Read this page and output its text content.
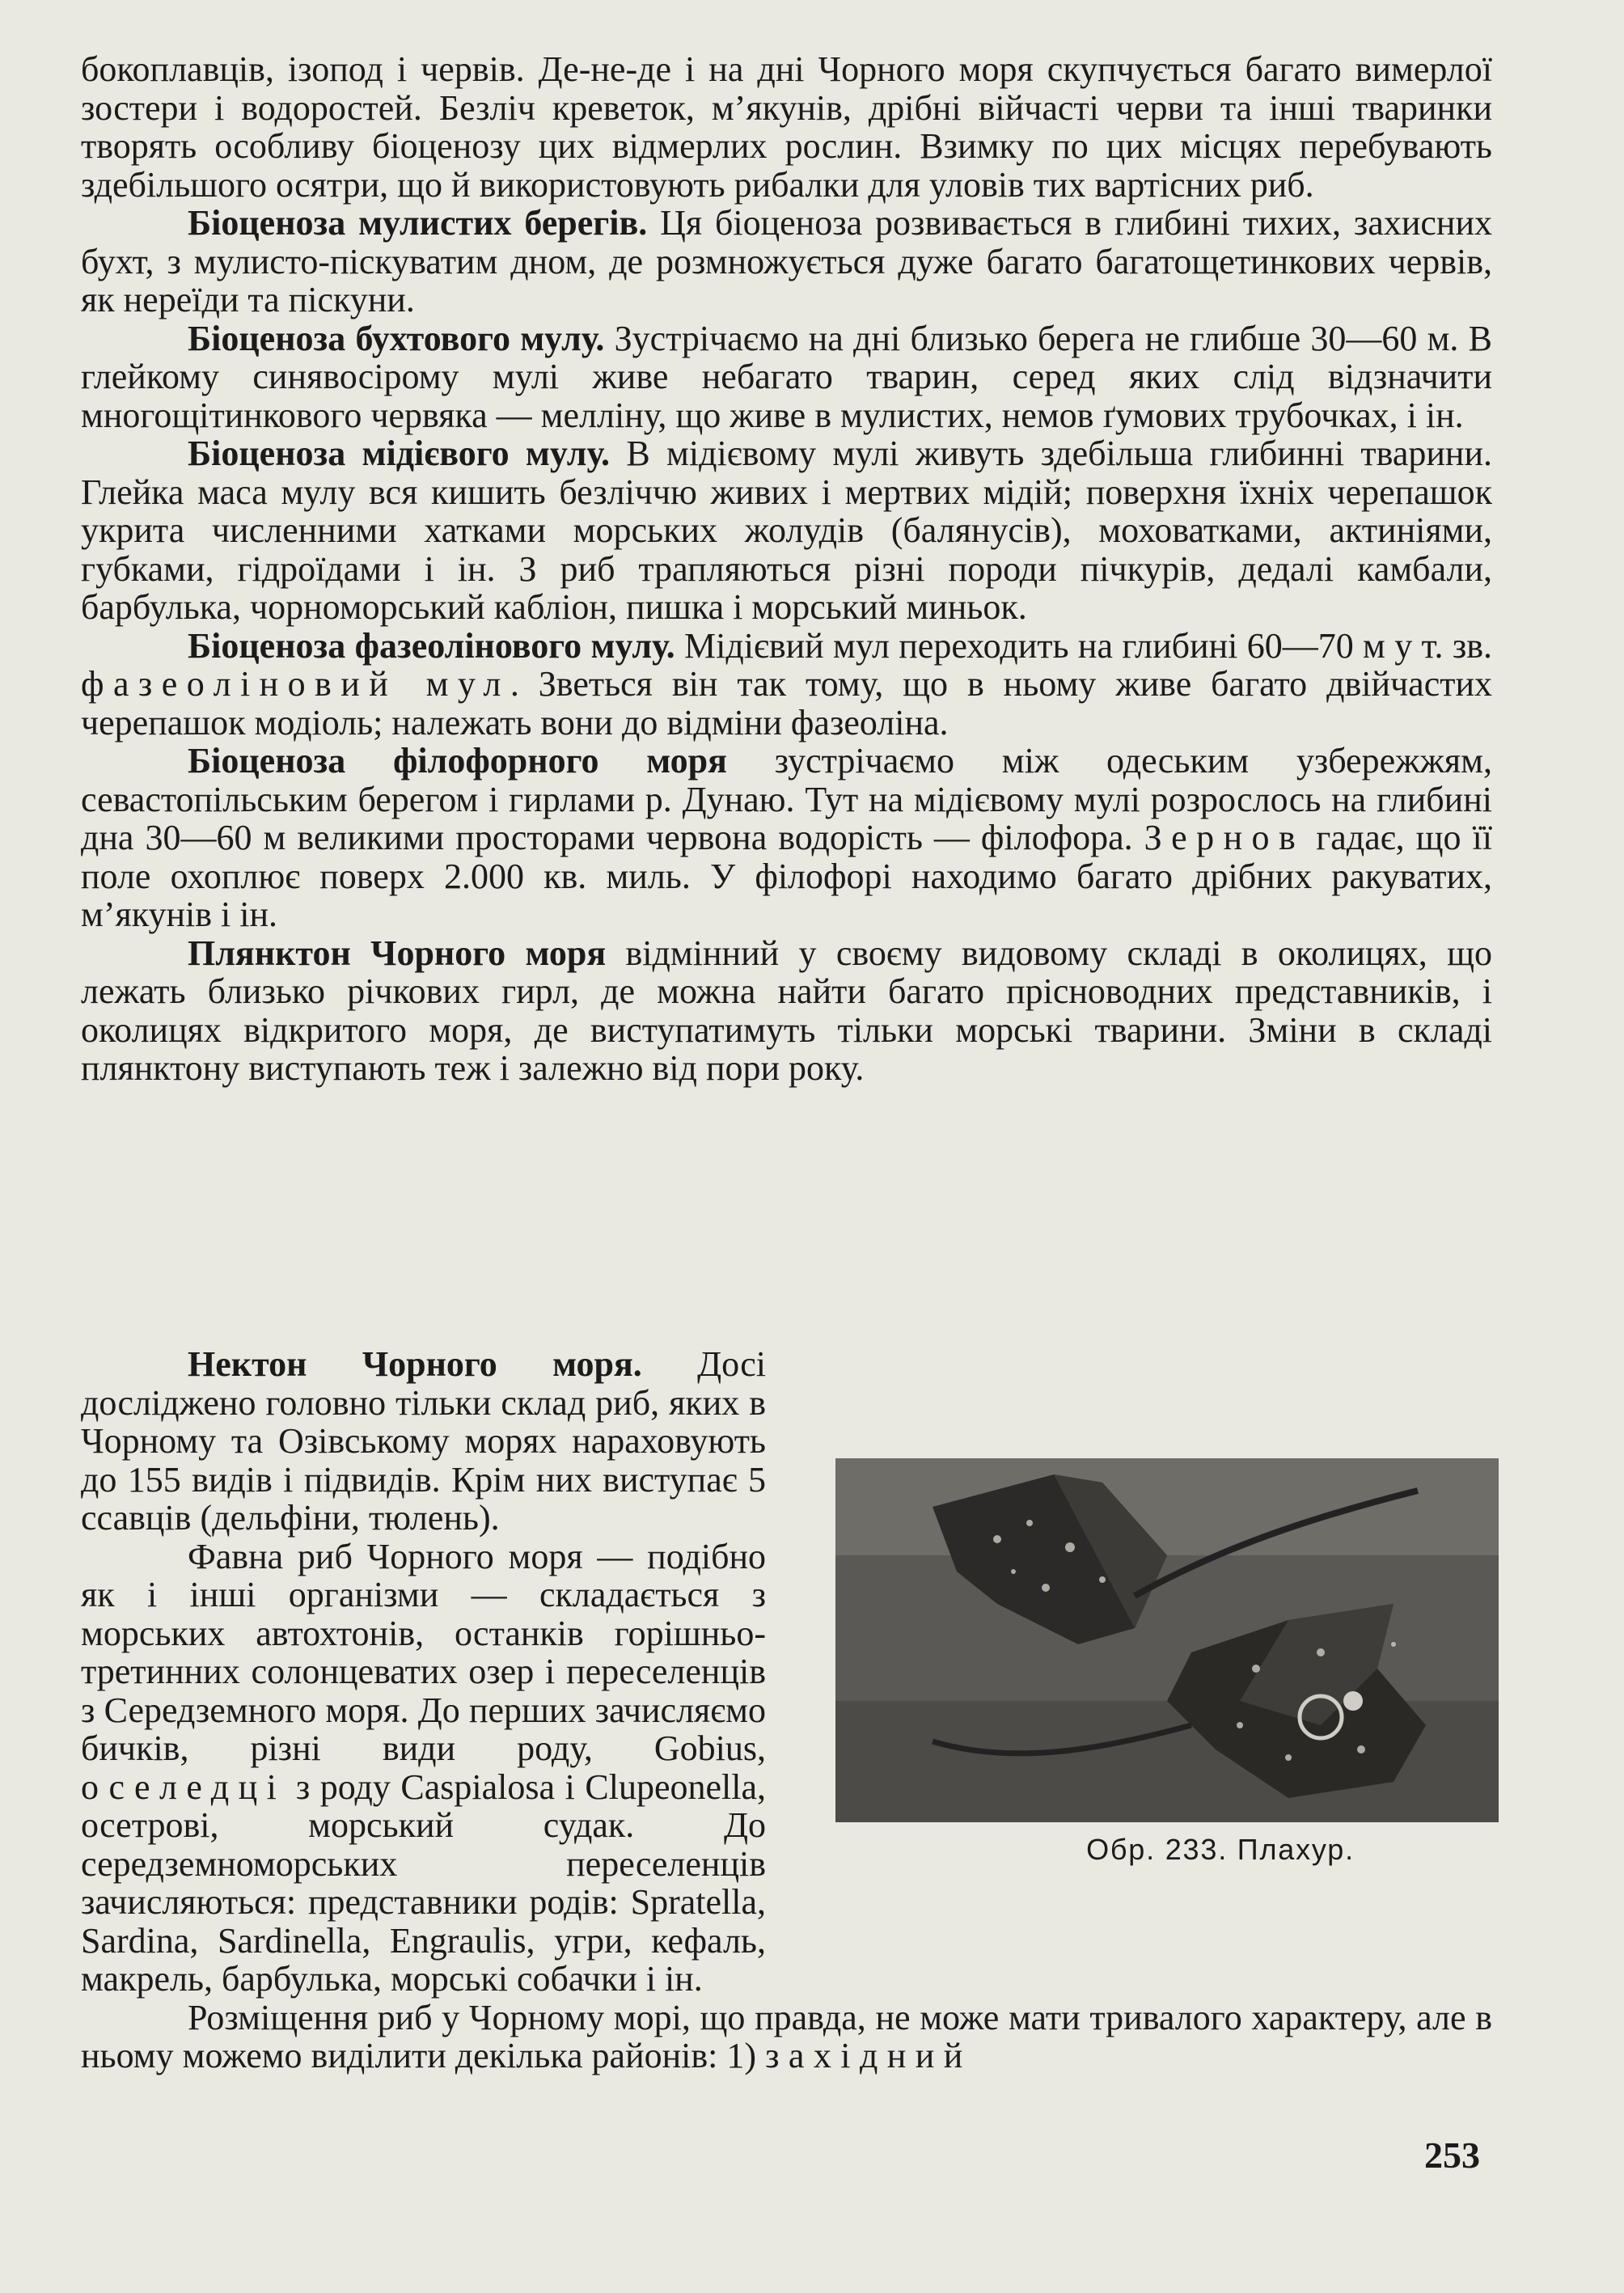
бокоплавців, ізопод і червів. Де-не-де і на дні Чорного моря скупчується багато вимерлої зостери і водоростей. Безліч креветок, м’якунів, дрібні війчасті черви та інші тваринки творять особливу біоценозу цих відмерлих рослин. Взимку по цих місцях перебувають здебільшого осятри, що й використовують рибалки для уловів тих вартісних риб.

Біоценоза мулистих берегів. Ця біоценоза розвивається в глибині тихих, захисних бухт, з мулисто-піскуватим дном, де розмножується дуже багато багатощетинкових червів, як нереїди та піскуни.

Біоценоза бухтового мулу. Зустрічаємо на дні близько берега не глибше 30—60 м. В глейкому синявосірому мулі живе небагато тварин, серед яких слід відзначити многощітинкового червяка — мелліну, що живе в мулистих, немов ґумових трубочках, і ін.

Біоценоза мідієвого мулу. В мідієвому мулі живуть здебільша глибинні тварини. Глейка маса мулу вся кишить безліччю живих і мертвих мідій; поверхня їхніх черепашок укрита численними хатками морських жолудів (балянусів), моховатками, актиніями, губками, гідроїдами і ін. З риб трапляються різні породи пічкурів, дедалі камбали, барбулька, чорноморський кабліон, пишка і морський миньок.

Біоценоза фазеолінового мулу. Мідієвий мул переходить на глибині 60—70 м у т. зв. фазеоліновий мул. Зветься він так тому, що в ньому живе багато двійчастих черепашок модіоль; належать вони до відміни фазеоліна.

Біоценоза філофорного моря зустрічаємо між одеським узбережжям, севастопільським берегом і гирлами р. Дунаю. Тут на мідієвому мулі розрослось на глибині дна 30—60 м великими просторами червона водорість — філофора. Зернов гадає, що її поле охоплює поверх 2.000 кв. миль. У філофорі находимо багато дрібних ракуватих, м’якунів і ін.

Плянктон Чорного моря відмінний у своєму видовому складі в околицях, що лежать близько річкових гирл, де можна найти багато прісноводних представників, і околицях відкритого моря, де виступатимуть тільки морські тварини. Зміни в складі плянктону виступають теж і залежно від пори року.

Обр. 233. Плахур.
Нектон Чорного моря. Досі досліджено головно тільки склад риб, яких в Чорному та Озівському морях нараховують до 155 видів і підвидів. Крім них виступає 5 ссавців (дельфіни, тюлень).

Фавна риб Чорного моря — подібно як і інші організми — складається з морських автохтонів, останків горішньо-третинних солонцеватих озер і переселенців з Середземного моря. До перших зачисляємо бичків, різні види роду, Gobius, оселедці з роду Caspialosa і Clupeonella, осетрові, морський судак. До середземноморських переселенців зачисляються: представники родів: Spratella, Sardina, Sardinella, Engraulis, угри, кефаль, макрель, барбулька, морські собачки і ін.

Розміщення риб у Чорному морі, що правда, не може мати тривалого характеру, але в ньому можемо виділити декілька районів: 1) західний

253
